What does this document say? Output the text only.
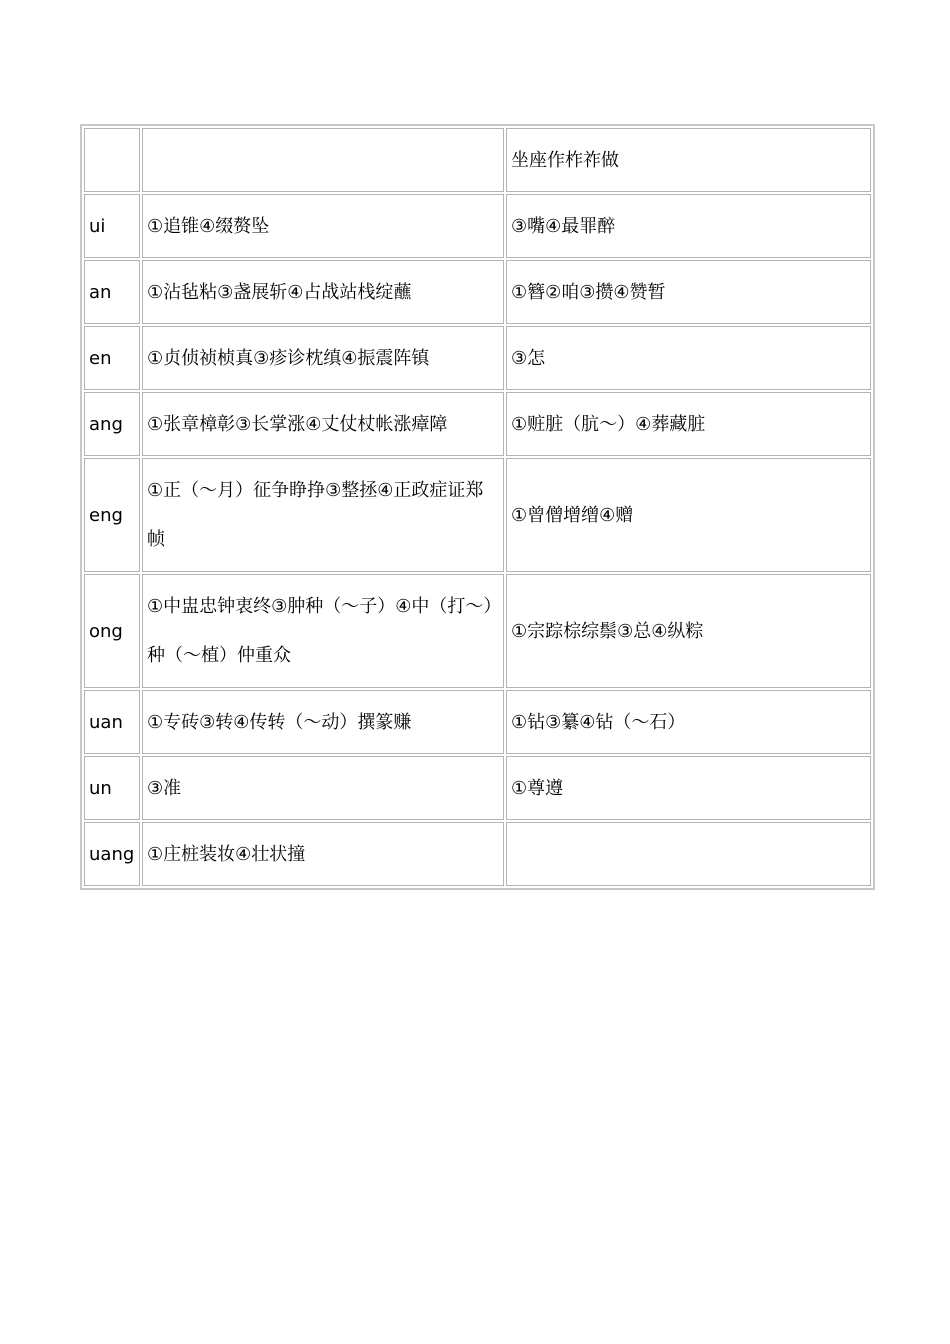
		坐座作柞祚做
ui	①追锥④缀赘坠	③嘴④最罪醉
an	①沾毡粘③盏展斩④占战站栈绽蘸	①簪②咱③攒④赞暂
en	①贞侦祯桢真③疹诊枕缜④振震阵镇	③怎
ang	①张章樟彰③长掌涨④丈仗杖帐涨瘴障	①赃脏（肮～）④葬藏脏
eng	①正（～月）征争睁挣③整拯④正政症证郑帧	①曾僧增缯④赠
ong	①中盅忠钟衷终③肿种（～子）④中（打～）种（～植）仲重众	①宗踪棕综鬃③总④纵粽
uan	①专砖③转④传转（～动）撰篆赚	①钻③纂④钻（～石）
un	③准	①尊遵
uang	①庄桩装妆④壮状撞	
